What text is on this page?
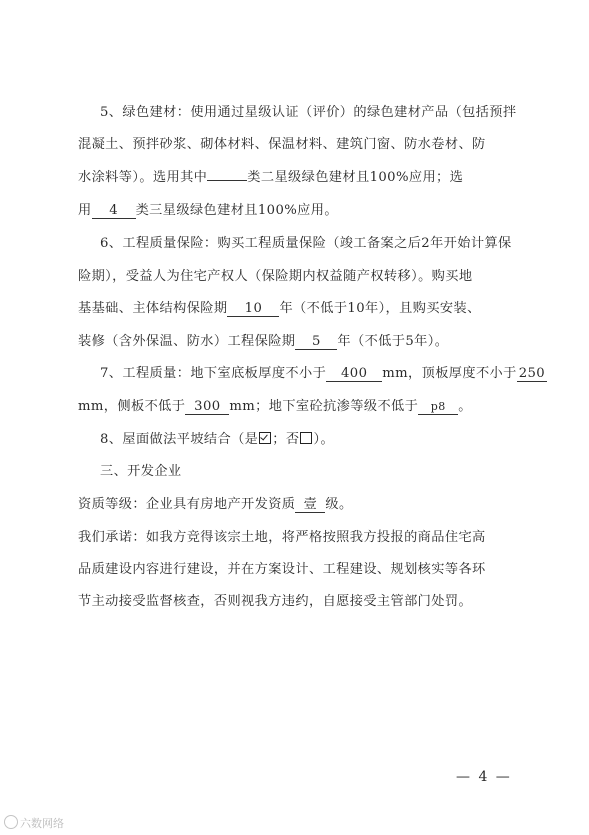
5、绿色建材：使用通过星级认证（评价）的绿色建材产品（包括预拌
混凝土、预拌砂浆、砌体材料、保温材料、建筑门窗、防水卷材、防
水涂料等）。选用其中	类二星级绿色建材且100%应用；选
用 4 类三星级绿色建材且100%应用。
6、工程质量保险：购买工程质量保险（竣工备案之后2年开始计算保
险期），受益人为住宅产权人（保险期内权益随产权转移）。购买地
基基础、主体结构保险期 10 年（不低于10年），且购买安装、
装修（含外保温、防水）工程保险期 5 年（不低于5年）。
7、工程质量：地下室底板厚度不小于 400 mm，顶板厚度不小于 250
mm，侧板不低于 300 mm；地下室砼抗渗等级不低于 p8 。
8、屋面做法平坡结合（是 ；否 ）。
三、开发企业
资质等级：企业具有房地产开发资质 壹 级。
我们承诺：如我方竞得该宗土地，将严格按照我方投报的商品住宅高
品质建设内容进行建设，并在方案设计、工程建设、规划核实等各环
节主动接受监督核查，否则视我方违约，自愿接受主管部门处罚。
— 4 —
六数网络
